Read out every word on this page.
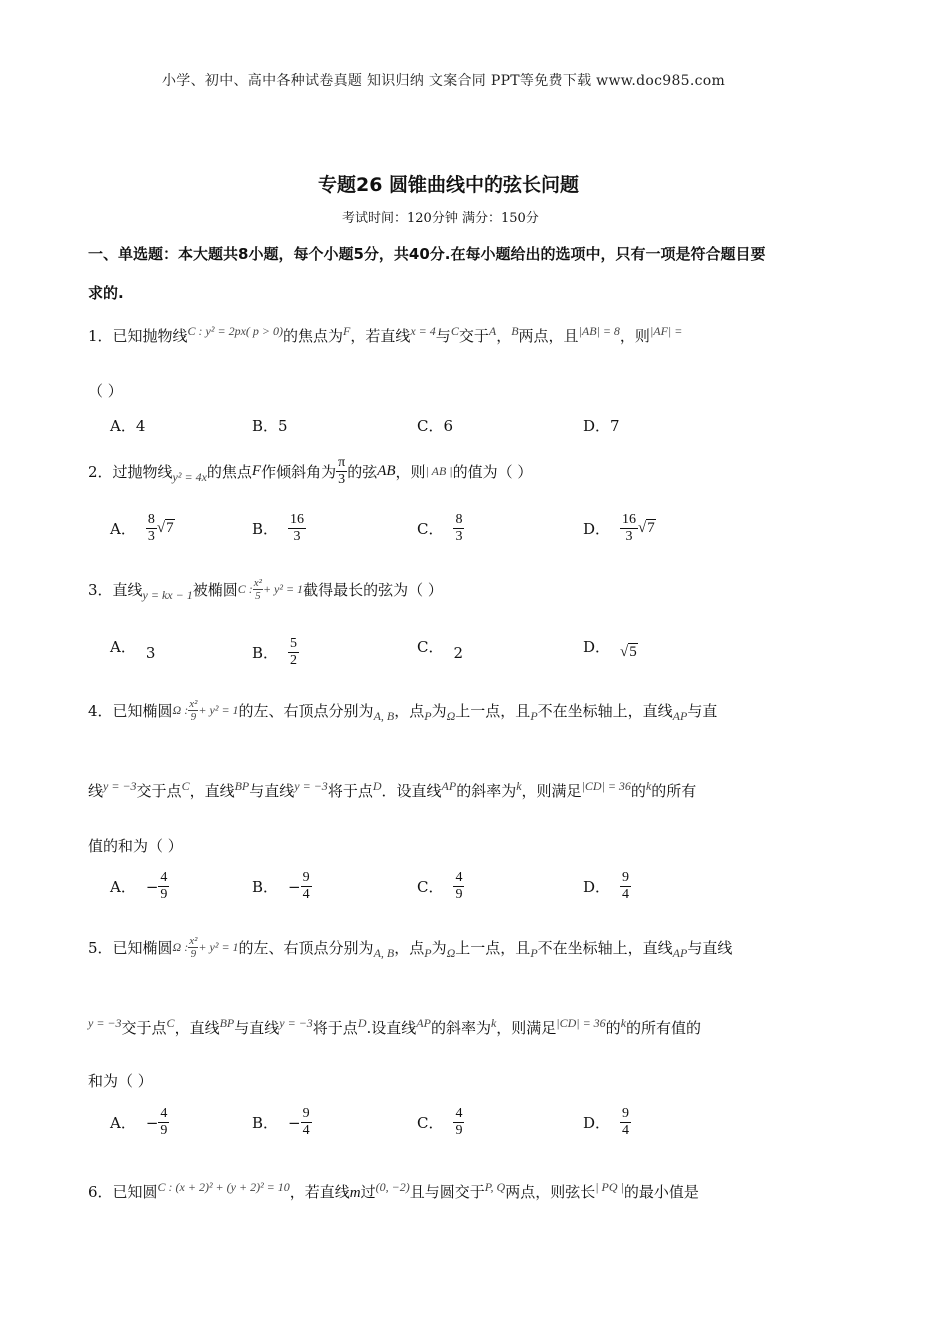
小学、初中、高中各种试卷真题 知识归纳 文案合同 PPT等免费下载 www.doc985.com
专题26 圆锥曲线中的弦长问题
考试时间：120分钟 满分：150分
一、单选题：本大题共8小题，每个小题5分，共40分.在每小题给出的选项中，只有一项是符合题目要
求的.
1．已知抛物线$^{C : y^2 = 2px( p > 0)}$的焦点为$^F$，若直线$^{x = 4}$与$^C$交于$^A$，$^B$两点，且$^{|AB| = 8}$，则$^{|AF| =}$
（ ）
A．4	B．5	C．6	D．7
2．过抛物线 y² = 4x 的焦点 F 作倾斜角为 $\frac{\pi}{3}$ 的弦 AB ，则 | AB | 的值为（ ）
A． $\frac{8}{3} √7$	B． $\frac{16}{3}$	C． $\frac{8}{3}$	D． $\frac{16}{3} √7$
3．直线 y = kx − 1 被椭圆 C : x²
5 + y² = 1 截得最长的弦为（ ）
A． 3	B． $\frac{5}{2}$	C． 2	D． √5
4．已知椭圆 Ω : x²
9 + y² = 1 的左、右顶点分别为 A, B ，点 P 为 Ω 上一点，且 P 不在坐标轴上，直线 AP 与直
线$^{y = -3}$交于点$^C$，直线$^{BP}$与直线$^{y = -3}$将于点$^D$．设直线$^{AP}$的斜率为$^k$，则满足$^{|CD| = 36}$的$^k$的所有
值的和为（ ）
A． − $\frac{4}{9}$	B． − $\frac{9}{4}$	C． $\frac{4}{9}$	D． $\frac{9}{4}$
5．已知椭圆 Ω : x²
9 + y² = 1 的左、右顶点分别为 A, B ，点 P 为 Ω 上一点，且 P 不在坐标轴上，直线 AP 与直线
$^{y = -3}$交于点$^C$，直线$^{BP}$与直线$^{y = -3}$将于点$^D$.设直线$^{AP}$的斜率为$^k$，则满足$^{|CD| = 36}$的$^k$的所有值的
和为（ ）
A． − $\frac{4}{9}$	B． − $\frac{9}{4}$	C． $\frac{4}{9}$	D． $\frac{9}{4}$
6．已知圆$^{C : (x + 2)^2 + (y + 2)^2 = 10}$，若直线m过$^{(0, -2)}$且与圆交于$^{P, Q}$两点，则弦长$^{| PQ |}$的最小值是
